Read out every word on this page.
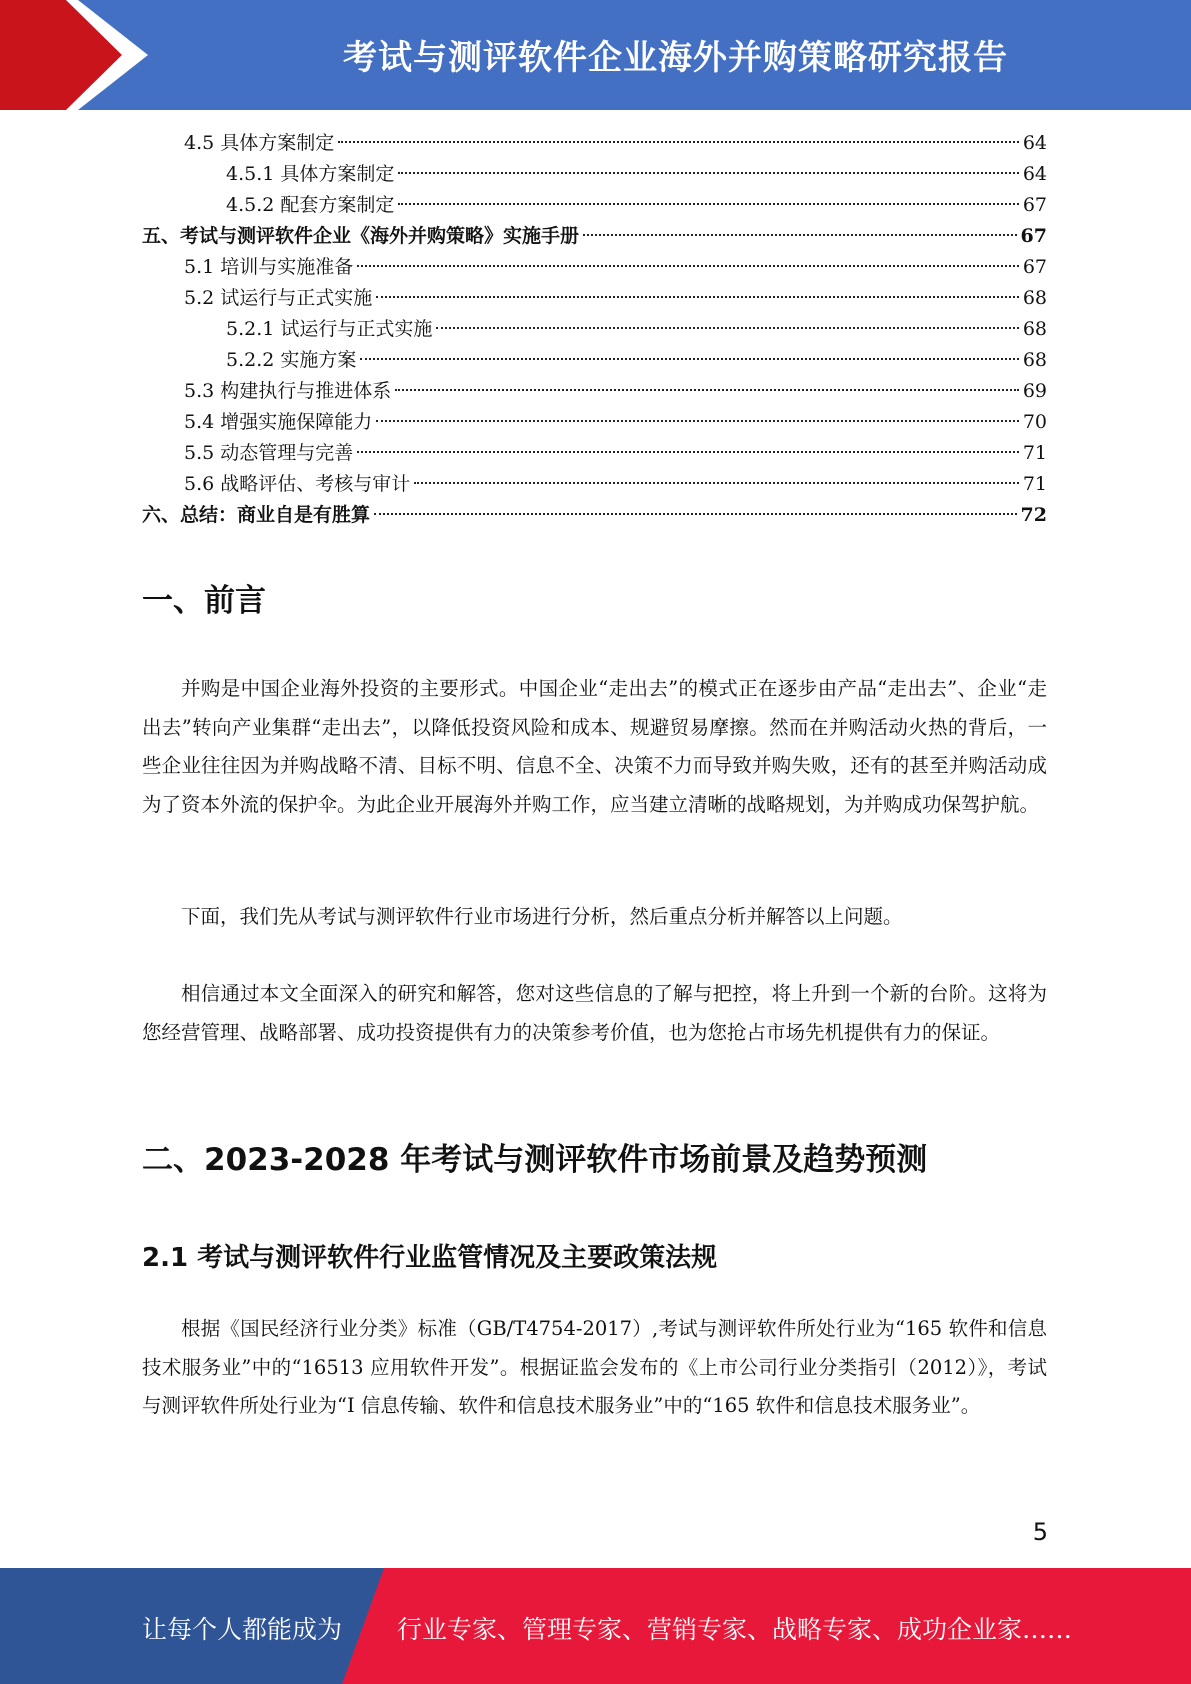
考试与测评软件企业海外并购策略研究报告
4.5 具体方案制定	64
4.5.1 具体方案制定	64
4.5.2 配套方案制定	67
五、考试与测评软件企业《海外并购策略》实施手册	67
5.1 培训与实施准备	67
5.2 试运行与正式实施	68
5.2.1 试运行与正式实施	68
5.2.2 实施方案	68
5.3 构建执行与推进体系	69
5.4 增强实施保障能力	70
5.5 动态管理与完善	71
5.6 战略评估、考核与审计	71
六、总结：商业自是有胜算	72
一、前言

并购是中国企业海外投资的主要形式。中国企业“走出去”的模式正在逐步由产品“走出去”、企业“走出去”转向产业集群“走出去”，以降低投资风险和成本、规避贸易摩擦。然而在并购活动火热的背后，一些企业往往因为并购战略不清、目标不明、信息不全、决策不力而导致并购失败，还有的甚至并购活动成为了资本外流的保护伞。为此企业开展海外并购工作，应当建立清晰的战略规划，为并购成功保驾护航。

下面，我们先从考试与测评软件行业市场进行分析，然后重点分析并解答以上问题。

相信通过本文全面深入的研究和解答，您对这些信息的了解与把控，将上升到一个新的台阶。这将为您经营管理、战略部署、成功投资提供有力的决策参考价值，也为您抢占市场先机提供有力的保证。

二、2023-2028 年考试与测评软件市场前景及趋势预测
2.1 考试与测评软件行业监管情况及主要政策法规

根据《国民经济行业分类》标准（GB/T4754-2017）,考试与测评软件所处行业为“165 软件和信息技术服务业”中的“16513 应用软件开发”。根据证监会发布的《上市公司行业分类指引（2012）》，考试与测评软件所处行业为“I 信息传输、软件和信息技术服务业”中的“165 软件和信息技术服务业”。

5
让每个人都能成为 行业专家、管理专家、营销专家、战略专家、成功企业家……
